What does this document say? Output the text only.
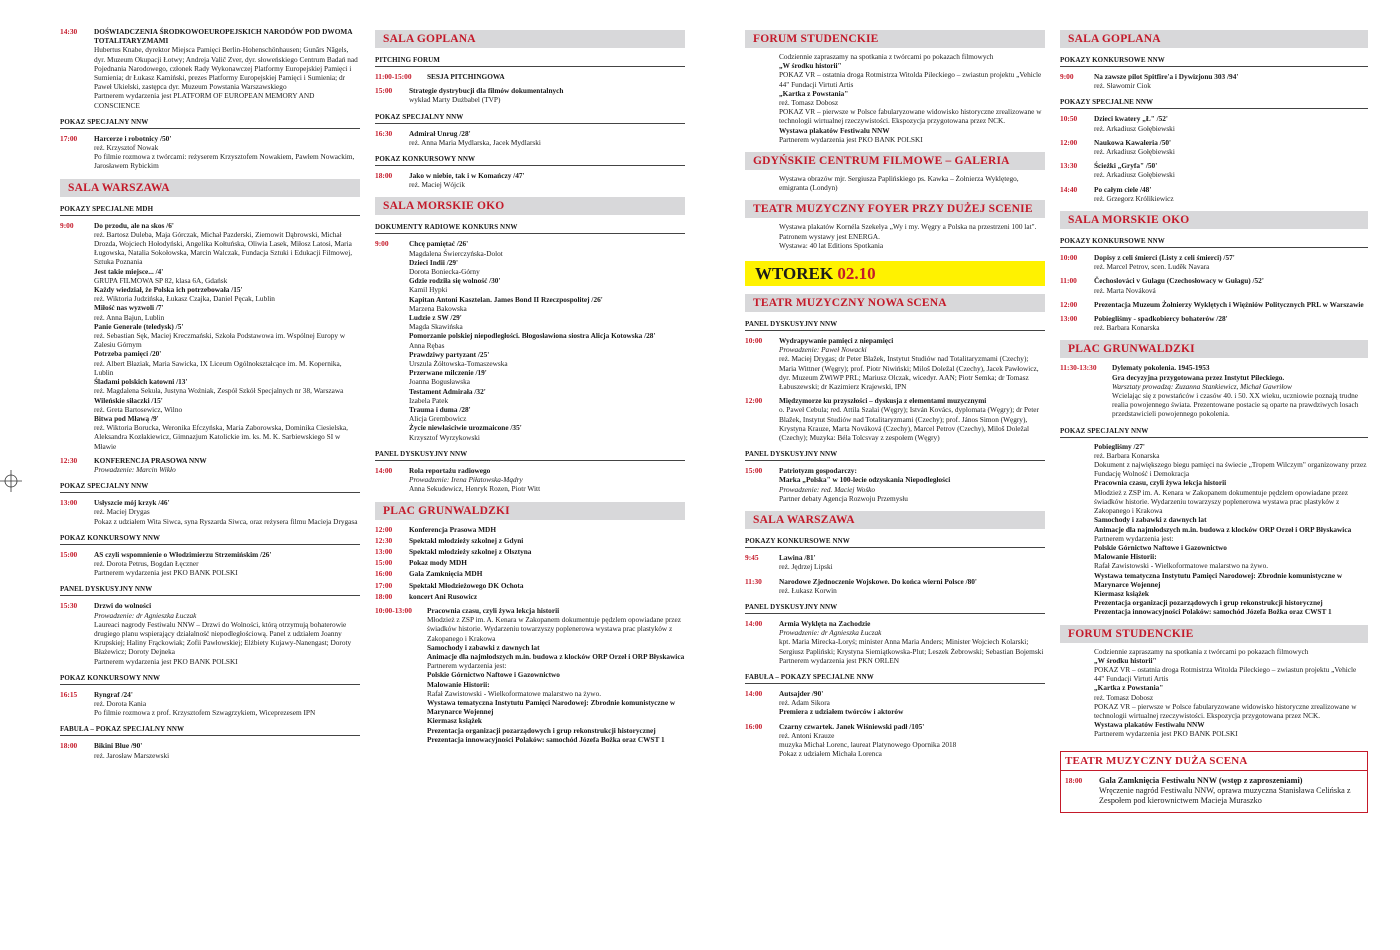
14:30	DOŚWIADCZENIA ŚRODKOWOEUROPEJSKICH NARODÓW POD DWOMA TOTALITARYZMAMI
Hubertus Knabe, dyrektor Miejsca Pamięci Berlin-Hohenschönhausen; Gunārs Nāgels, dyr. Muzeum Okupacji Łotwy; Andreja Valič Zver, dyr. słoweńskiego Centrum Badań nad Pojednania Narodowego, członek Rady Wykonawczej Platformy Europejskiej Pamięci i Sumienia; dr Łukasz Kamiński, prezes Platformy Europejskiej Pamięci i Sumienia; dr Paweł Ukielski, zastępca dyr. Muzeum Powstania Warszawskiego
Partnerem wydarzenia jest PLATFORM OF EUROPEAN MEMORY AND CONSCIENCE
POKAZ SPECJALNY NNW
17:00	Harcerze i robotnicy /50'
reż. Krzysztof Nowak
Po filmie rozmowa z twórcami: reżyserem Krzysztofem Nowakiem, Pawłem Nowackim, Jarosławem Rybickim
SALA WARSZAWA
POKAZY SPECJALNE MDH
9:00	Do przodu, ale na skos /6'
reż. Bartosz Duleba, Maja Górczak, Michał Pazderski, Ziemowit Dąbrowski, Michał Drozda, Wojciech Hołodyński, Angelika Kołtuńska, Oliwia Lasek, Miłosz Latosi, Maria Ługowska, Natalia Sokołowska, Marcin Walczak, Fundacja Sztuki i Edukacji Filmowej, Sztuka Poznania
Jest takie miejsce... /4'
GRUPA FILMOWA SP 82, klasa 6A, Gdańsk
Każdy wiedział, że Polska ich potrzebowała /15'
reż. Wiktoria Judzińska, Łukasz Czajka, Daniel Pęcak, Lublin
Miłość nas wyzwoli /7'
reż. Anna Bajun, Lublin
Panie Generale (teledysk) /5'
reż. Sebastian Sęk, Maciej Kreczmański, Szkoła Podstawowa im. Wspólnej Europy w Zalesiu Górnym
Potrzeba pamięci /20'
reż. Albert Błaziak, Maria Sawicka, IX Liceum Ogólnokształcące im. M. Kopernika, Lublin
Śladami polskich katowni /13'
reż. Magdalena Sekuła, Justyna Woźniak, Zespół Szkół Specjalnych nr 38, Warszawa
Wileńskie siłaczki /15'
reż. Greta Bartosewicz, Wilno
Bitwa pod Mławą /9'
reż. Wiktoria Borucka, Weronika Efczyńska, Maria Zaborowska, Dominika Ciesielska, Aleksandra Kozłakiewicz, Gimnazjum Katolickie im. ks. M. K. Sarbiewskiego SI w Mławie
12:30	KONFERENCJA PRASOWA NNW
Prowadzenie: Marcin Wikło
POKAZ SPECJALNY NNW
13:00	Usłyszcie mój krzyk /46'
reż. Maciej Drygas
Pokaz z udziałem Wita Siwca, syna Ryszarda Siwca, oraz reżysera filmu Macieja Drygasa
POKAZ KONKURSOWY NNW
15:00	AS czyli wspomnienie o Włodzimierzu Strzemińskim /26'
reż. Dorota Petrus, Bogdan Łęczner
Partnerem wydarzenia jest PKO BANK POLSKI
PANEL DYSKUSYJNY NNW
15:30	Drzwi do wolności
Prowadzenie: dr Agnieszka Łuczak
Laureaci nagrody Festiwalu NNW – Drzwi do Wolności, którą otrzymują bohaterowie drugiego planu wspierający działalność niepodległościową. Panel z udziałem Joanny Krupskiej; Haliny Frąckowiak; Zofii Pawłowskiej; Elżbiety Kujawy-Nanengast; Doroty Błażewicz; Doroty Dejneka
Partnerem wydarzenia jest PKO BANK POLSKI
POKAZ KONKURSOWY NNW
16:15	Ryngraf /24'
reż. Dorota Kania
Po filmie rozmowa z prof. Krzysztofem Szwagrzykiem, Wiceprezesem IPN
FABUŁA – POKAZ SPECJALNY NNW
18:00	Bikini Blue /90'
reż. Jarosław Marszewski
SALA GOPLANA
PITCHING FORUM
11:00-15:00	SESJA PITCHINGOWA
15:00	Strategie dystrybucji dla filmów dokumentalnych
wykład Marty Dużbabel (TVP)
POKAZ SPECJALNY NNW
16:30	Admirał Unrug /28'
reż. Anna Maria Mydlarska, Jacek Mydlarski
POKAZ KONKURSOWY NNW
18:00	Jako w niebie, tak i w Komańczy /47'
reż. Maciej Wójcik
SALA MORSKIE OKO
DOKUMENTY RADIOWE KONKURS NNW
9:00	Chcę pamiętać /26'
Magdalena Świerczyńska-Dolot
Dzieci Indii /29'
Dorota Boniecka-Górny
Gdzie rodziła się wolność /30'
Kamil Hypki
Kapitan Antoni Kasztelan. James Bond II Rzeczpospolitej /26'
Marzena Bakowska
Ludzie z SW /29'
Magda Skawińska
Pomorzanie polskiej niepodległości. Błogosławiona siostra Alicja Kotowska /28'
Anna Rębas
Prawdziwy partyzant /25'
Urszula Żółtowska-Tomaszewska
Przerwane milczenie /19'
Joanna Bogusławska
Testament Admirała /32'
Izabela Patek
Trauma i duma /28'
Alicja Grembowicz
Życie niewłaściwie urozmaicone /35'
Krzysztof Wyrzykowski
PANEL DYSKUSYJNY NNW
14:00	Rola reportażu radiowego
Prowadzenie: Irena Piłatowska-Mądry
Anna Sekudewicz, Henryk Rozen, Piotr Witt
PLAC GRUNWALDZKI
12:00	Konferencja Prasowa MDH
12:30	Spektakl młodzieży szkolnej z Gdyni
13:00	Spektakl młodzieży szkolnej z Olsztyna
15:00	Pokaz mody MDH
16:00	Gala Zamknięcia MDH
17:00	Spektakl Młodzieżowego DK Ochota
18:00	koncert Ani Rusowicz
10:00-13:00	Pracownia czasu, czyli żywa lekcja historii
Młodzież z ZSP im. A. Kenara w Zakopanem dokumentuje pędzlem opowiadane przez świadków historie. Wydarzeniu towarzyszy poplenerowa wystawa prac plastyków z Zakopanego i Krakowa
Samochody i zabawki z dawnych lat
Animacje dla najmłodszych m.in. budowa z klocków ORP Orzeł i ORP Błyskawica
Partnerem wydarzenia jest:
Polskie Górnictwo Naftowe i Gazownictwo
Malowanie Historii:
Rafał Zawistowski - Wielkoformatowe malarstwo na żywo.
Wystawa tematyczna Instytutu Pamięci Narodowej: Zbrodnie komunistyczne w Marynarce Wojennej
Kiermasz książek
Prezentacja organizacji pozarządowych i grup rekonstrukcji historycznej
Prezentacja innowacyjności Polaków: samochód Józefa Bożka oraz CWST 1
FORUM STUDENCKIE
Codziennie zapraszamy na spotkania z twórcami po pokazach filmowych
„W środku historii"
POKAZ VR – ostatnia droga Rotmistrza Witolda Pileckiego – zwiastun projektu „Vehicle 44" Fundacji Virtuti Artis
„Kartka z Powstania"
reż. Tomasz Dobosz
POKAZ VR – pierwsze w Polsce fabularyzowane widowisko historyczne zrealizowane w technologii wirtualnej rzeczywistości. Ekspozycja przygotowana przez NCK.
Wystawa plakatów Festiwalu NNW
Partnerem wydarzenia jest PKO BANK POLSKI
GDYŃSKIE CENTRUM FILMOWE – GALERIA
Wystawa obrazów mjr. Sergiusza Paplińskiego ps. Kawka – Żołnierza Wyklętego, emigranta (Londyn)
TEATR MUZYCZNY FOYER PRZY DUŻEJ SCENIE
Wystawa plakatów Kornéla Szekelya „Wy i my. Węgry a Polska na przestrzeni 100 lat".
Patronem wystawy jest ENERGA.
Wystawa: 40 lat Editions Spotkania
WTOREK 02.10
TEATR MUZYCZNY NOWA SCENA
PANEL DYSKUSYJNY NNW
10:00	Wydrapywanie pamięci z niepamięci
Prowadzenie: Paweł Nowacki
reż. Maciej Drygas; dr Peter Blažek, Instytut Studiów nad Totalitaryzmami (Czechy); Maria Wittner (Węgry); prof. Piotr Niwiński; Miloš Doležal (Czechy), Jacek Pawłowicz, dyr. Muzeum ŻWiWP PRL; Mariusz Olczak, wicedyr. AAN; Piotr Semka; dr Tomasz Łabuszewski; dr Kazimierz Krajewski, IPN
12:00	Międzymorze ku przyszłości – dyskusja z elementami muzycznymi
o. Paweł Cebula; red. Attila Szalai (Węgry); István Kovács, dyplomata (Węgry); dr Peter Blažek, Instytut Studiów nad Totalitaryzmami (Czechy); prof. János Simon (Węgry), Krystyna Krauze, Marta Nováková (Czechy), Marcel Petrov (Czechy), Miloš Doležal (Czechy); Muzyka: Béla Tolcsvay z zespołem (Węgry)
PANEL DYSKUSYJNY NNW
15:00	Patriotyzm gospodarczy:
Marka „Polska" w 100-lecie odzyskania Niepodległości
Prowadzenie: red. Maciej Wośko
Partner debaty Agencja Rozwoju Przemysłu
SALA WARSZAWA
POKAZY KONKURSOWE NNW
9:45	Lawina /81'
reż. Jędrzej Lipski
11:30	Narodowe Zjednoczenie Wojskowe. Do końca wierni Polsce /80'
reż. Łukasz Korwin
PANEL DYSKUSYJNY NNW
14:00	Armia Wyklęta na Zachodzie
Prowadzenie: dr Agnieszka Łuczak
kpt. Maria Mirecka-Loryś; minister Anna Maria Anders; Minister Wojciech Kolarski; Sergiusz Papliński; Krystyna Siemiątkowska-Plut; Leszek Żebrowski; Sebastian Bojemski
Partnerem wydarzenia jest PKN ORLEN
FABUŁA – POKAZY SPECJALNE NNW
14:00	Autsajder /90'
reż. Adam Sikora
Premiera z udziałem twórców i aktorów
16:00	Czarny czwartek. Janek Wiśniewski padł /105'
reż. Antoni Krauze
muzyka Michał Lorenc, laureat Platynowego Opornika 2018
Pokaz z udziałem Michała Lorenca
SALA GOPLANA
POKAZY KONKURSOWE NNW
9:00	Na zawsze pilot Spitfire'a i Dywizjonu 303 /94'
reż. Sławomir Ciok
POKAZY SPECJALNE NNW
10:50	Dzieci kwatery „Ł" /52'
reż. Arkadiusz Gołębiewski
12:00	Naukowa Kawaleria /50'
reż. Arkadiusz Gołębiewski
13:30	Ścieżki „Gryfa" /50'
reż. Arkadiusz Gołębiewski
14:40	Po całym ciele /48'
reż. Grzegorz Królikiewicz
SALA MORSKIE OKO
POKAZY KONKURSOWE NNW
10:00	Dopisy z celi śmierci (Listy z celi śmierci) /57'
reż. Marcel Petrov, scen. Luděk Navara
11:00	Čechoslováci v Gulagu (Czechosłowacy w Gułagu) /52'
reż. Marta Nováková
12:00	Prezentacja Muzeum Żołnierzy Wyklętych i Więźniów Politycznych PRL w Warszawie
13:00	Pobiegliśmy - spadkobiercy bohaterów /28'
reż. Barbara Konarska
PLAC GRUNWALDZKI
11:30-13:30	Dylematy pokolenia. 1945-1953
Gra decyzyjna przygotowana przez Instytut Pileckiego.
Warsztaty prowadzą: Zuzanna Stankiewicz, Michał Gawriłow
Wcielając się z powstańców i czasów 40. i 50. XX wieku, uczniowie poznają trudne realia powojennego świata. Prezentowane postacie są oparte na prawdziwych losach przedstawicieli powojennego pokolenia.
POKAZ SPECJALNY NNW
Pobiegliśmy /27'
reż. Barbara Konarska
Dokument z największego biegu pamięci na świecie „Tropem Wilczym" organizowany przez Fundację Wolność i Demokracja
Pracownia czasu, czyli żywa lekcja historii
Młodzież z ZSP im. A. Kenara w Zakopanem dokumentuje pędzlem opowiadane przez świadków historie. Wydarzeniu towarzyszy poplenerowa wystawa prac plastyków z Zakopanego i Krakowa
Samochody i zabawki z dawnych lat
Animacje dla najmłodszych m.in. budowa z klocków ORP Orzeł i ORP Błyskawica
Partnerem wydarzenia jest:
Polskie Górnictwo Naftowe i Gazownictwo
Malowanie Historii:
Rafał Zawistowski - Wielkoformatowe malarstwo na żywo.
Wystawa tematyczna Instytutu Pamięci Narodowej: Zbrodnie komunistyczne w Marynarce Wojennej
Kiermasz książek
Prezentacja organizacji pozarządowych i grup rekonstrukcji historycznej
Prezentacja innowacyjności Polaków: samochód Józefa Bożka oraz CWST 1
FORUM STUDENCKIE
Codziennie zapraszamy na spotkania z twórcami po pokazach filmowych
„W środku historii"
POKAZ VR – ostatnia droga Rotmistrza Witolda Pileckiego – zwiastun projektu „Vehicle 44" Fundacji Virtuti Artis
„Kartka z Powstania"
reż. Tomasz Dobosz
POKAZ VR – pierwsze w Polsce fabularyzowane widowisko historyczne zrealizowane w technologii wirtualnej rzeczywistości. Ekspozycja przygotowana przez NCK.
Wystawa plakatów Festiwalu NNW
Partnerem wydarzenia jest PKO BANK POLSKI
TEATR MUZYCZNY DUŻA SCENA
18:00	Gala Zamknięcia Festiwalu NNW (wstęp z zaproszeniami)
Wręczenie nagród Festiwalu NNW, oprawa muzyczna Stanisława Celińska z Zespołem pod kierownictwem Macieja Muraszko
